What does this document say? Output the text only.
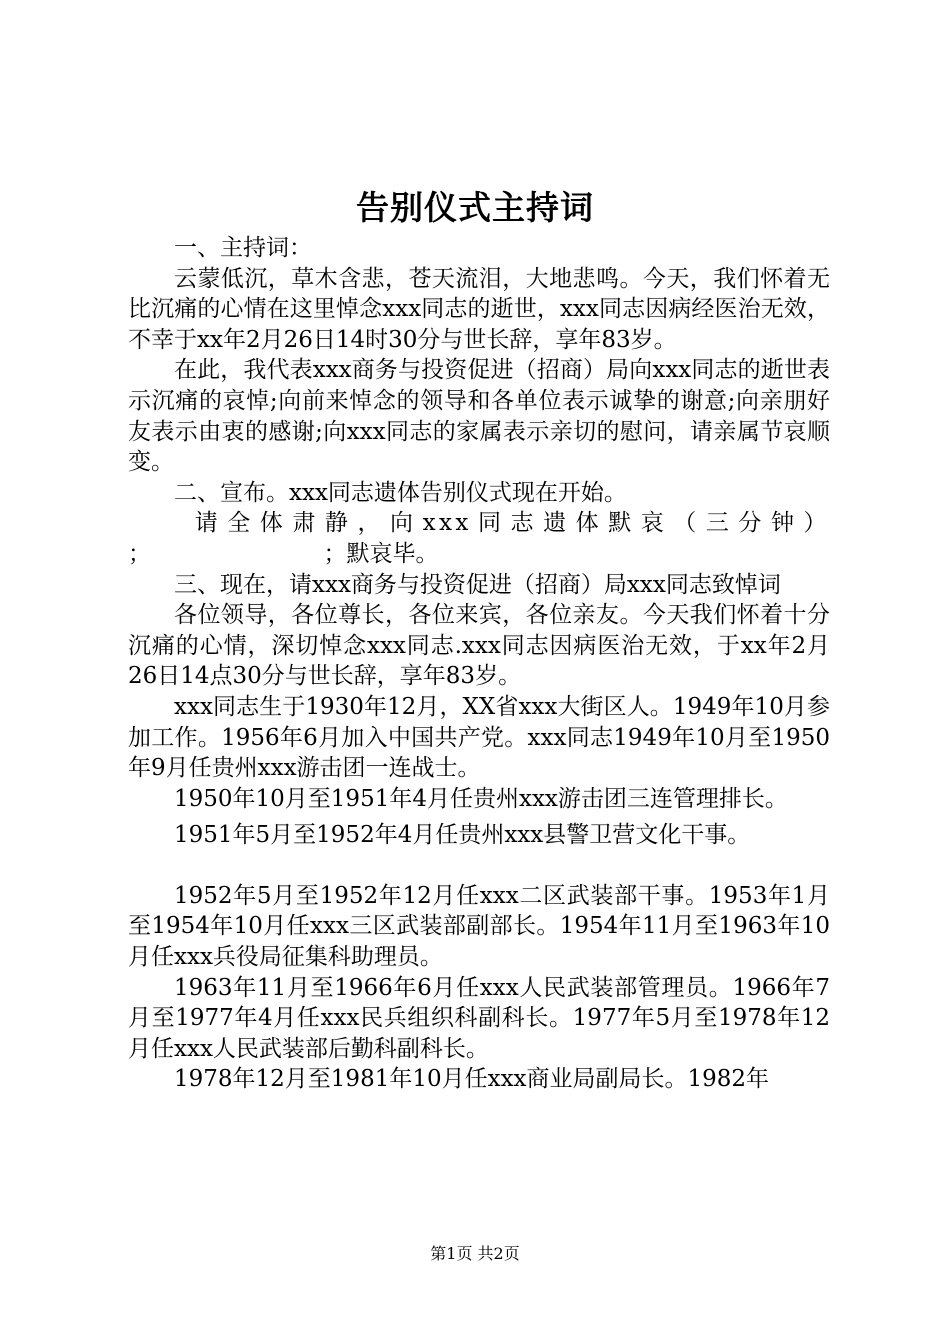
告别仪式主持词

一、主持词：

云蒙低沉，草木含悲，苍天流泪，大地悲鸣。今天，我们怀着无比沉痛的心情在这里悼念xxx同志的逝世，xxx同志因病经医治无效，不幸于xx年2月26日14时30分与世长辞，享年83岁。

在此，我代表xxx商务与投资促进（招商）局向xxx同志的逝世表示沉痛的哀悼;向前来悼念的领导和各单位表示诚挚的谢意;向亲朋好友表示由衷的感谢;向xxx同志的家属表示亲切的慰问，请亲属节哀顺变。

二、宣布。xxx同志遗体告别仪式现在开始。

请全体肃静，向xxx同志遗体默哀（三分钟）

；　　　　　　　　；默哀毕。

三、现在，请xxx商务与投资促进（招商）局xxx同志致悼词

各位领导，各位尊长，各位来宾，各位亲友。今天我们怀着十分沉痛的心情，深切悼念xxx同志.xxx同志因病医治无效，于xx年2月26日14点30分与世长辞，享年83岁。

xxx同志生于1930年12月，XX省xxx大街区人。1949年10月参加工作。1956年6月加入中国共产党。xxx同志1949年10月至1950年9月任贵州xxx游击团一连战士。

1950年10月至1951年4月任贵州xxx游击团三连管理排长。

1951年5月至1952年4月任贵州xxx县警卫营文化干事。

1952年5月至1952年12月任xxx二区武装部干事。1953年1月至1954年10月任xxx三区武装部副部长。1954年11月至1963年10月任xxx兵役局征集科助理员。

1963年11月至1966年6月任xxx人民武装部管理员。1966年7月至1977年4月任xxx民兵组织科副科长。1977年5月至1978年12月任xxx人民武装部后勤科副科长。

1978年12月至1981年10月任xxx商业局副局长。1982年

第1页 共2页
